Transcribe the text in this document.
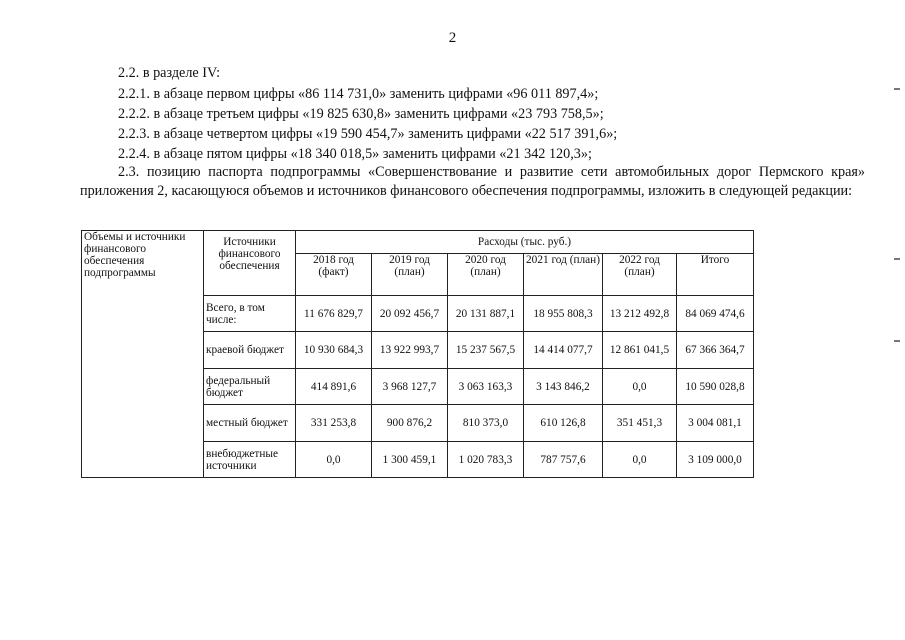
2

2.2. в разделе IV:

2.2.1. в абзаце первом цифры «86 114 731,0» заменить цифрами «96 011 897,4»;

2.2.2. в абзаце третьем цифры «19 825 630,8» заменить цифрами «23 793 758,5»;

2.2.3. в абзаце четвертом цифры «19 590 454,7» заменить цифрами «22 517 391,6»;

2.2.4. в абзаце пятом цифры «18 340 018,5» заменить цифрами «21 342 120,3»;

2.3. позицию паспорта подпрограммы «Совершенствование и развитие сети автомобильных дорог Пермского края» приложения 2, касающуюся объемов и источников финансового обеспечения подпрограммы, изложить в следующей редакции:

Объемы и источники финансового обеспечения подпрограммы	Источники финансового обеспечения	Расходы (тыс. руб.)					
		2018 год (факт)	2019 год (план)	2020 год (план)	2021 год (план)	2022 год (план)	Итого
	Всего, в том числе:	11 676 829,7	20 092 456,7	20 131 887,1	18 955 808,3	13 212 492,8	84 069 474,6
	краевой бюджет	10 930 684,3	13 922 993,7	15 237 567,5	14 414 077,7	12 861 041,5	67 366 364,7
	федеральный бюджет	414 891,6	3 968 127,7	3 063 163,3	3 143 846,2	0,0	10 590 028,8
	местный бюджет	331 253,8	900 876,2	810 373,0	610 126,8	351 451,3	3 004 081,1
	внебюджетные источники	0,0	1 300 459,1	1 020 783,3	787 757,6	0,0	3 109 000,0
